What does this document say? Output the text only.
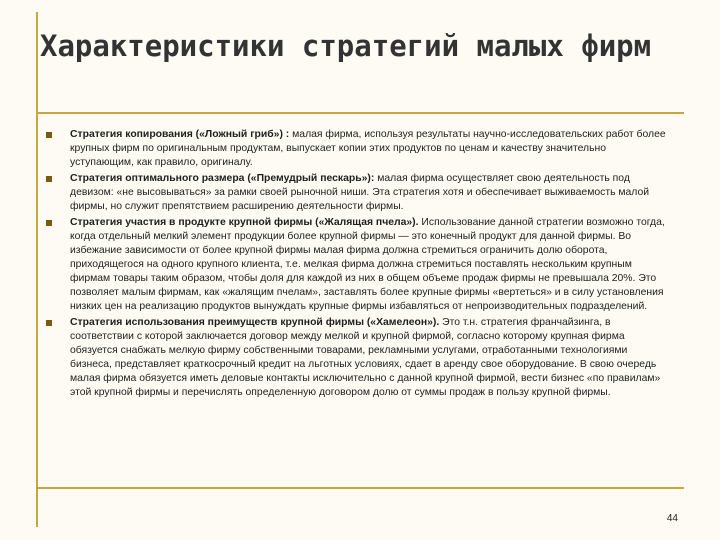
Характеристики стратегий малых фирм

Стратегия копирования («Ложный гриб») : малая фирма, используя результаты научно-исследовательских работ более крупных фирм по оригинальным продуктам, выпускает копии этих продуктов по ценам и качеству значительно уступающим, как правило, оригиналу.

Стратегия оптимального размера («Премудрый пескарь»): малая фирма осуществляет свою деятельность под девизом: «не высовываться» за рамки своей рыночной ниши. Эта стратегия хотя и обеспечивает выживаемость малой фирмы, но служит препятствием расширению деятельности фирмы.

Стратегия участия в продукте крупной фирмы («Жалящая пчела»). Использование данной стратегии возможно тогда, когда отдельный мелкий элемент продукции более крупной фирмы — это конечный продукт для данной фирмы. Во избежание зависимости от более крупной фирмы малая фирма должна стремиться ограничить долю оборота, приходящегося на одного крупного клиента, т.е. мелкая фирма должна стремиться поставлять нескольким крупным фирмам товары таким образом, чтобы доля для каждой из них в общем объеме продаж фирмы не превышала 20%. Это позволяет малым фирмам, как «жалящим пчелам», заставлять более крупные фирмы «вертеться» и в силу установления низких цен на реализацию продуктов вынуждать крупные фирмы избавляться от непроизводительных подразделений.

Стратегия использования преимуществ крупной фирмы («Хамелеон»). Это т.н. стратегия франчайзинга, в соответствии с которой заключается договор между мелкой и крупной фирмой, согласно которому крупная фирма обязуется снабжать мелкую фирму собственными товарами, рекламными услугами, отработанными технологиями бизнеса, представляет краткосрочный кредит на льготных условиях, сдает в аренду свое оборудование. В свою очередь малая фирма обязуется иметь деловые контакты исключительно с данной крупной фирмой, вести бизнес «по правилам» этой крупной фирмы и перечислять определенную договором долю от суммы продаж в пользу крупной фирмы.

44
